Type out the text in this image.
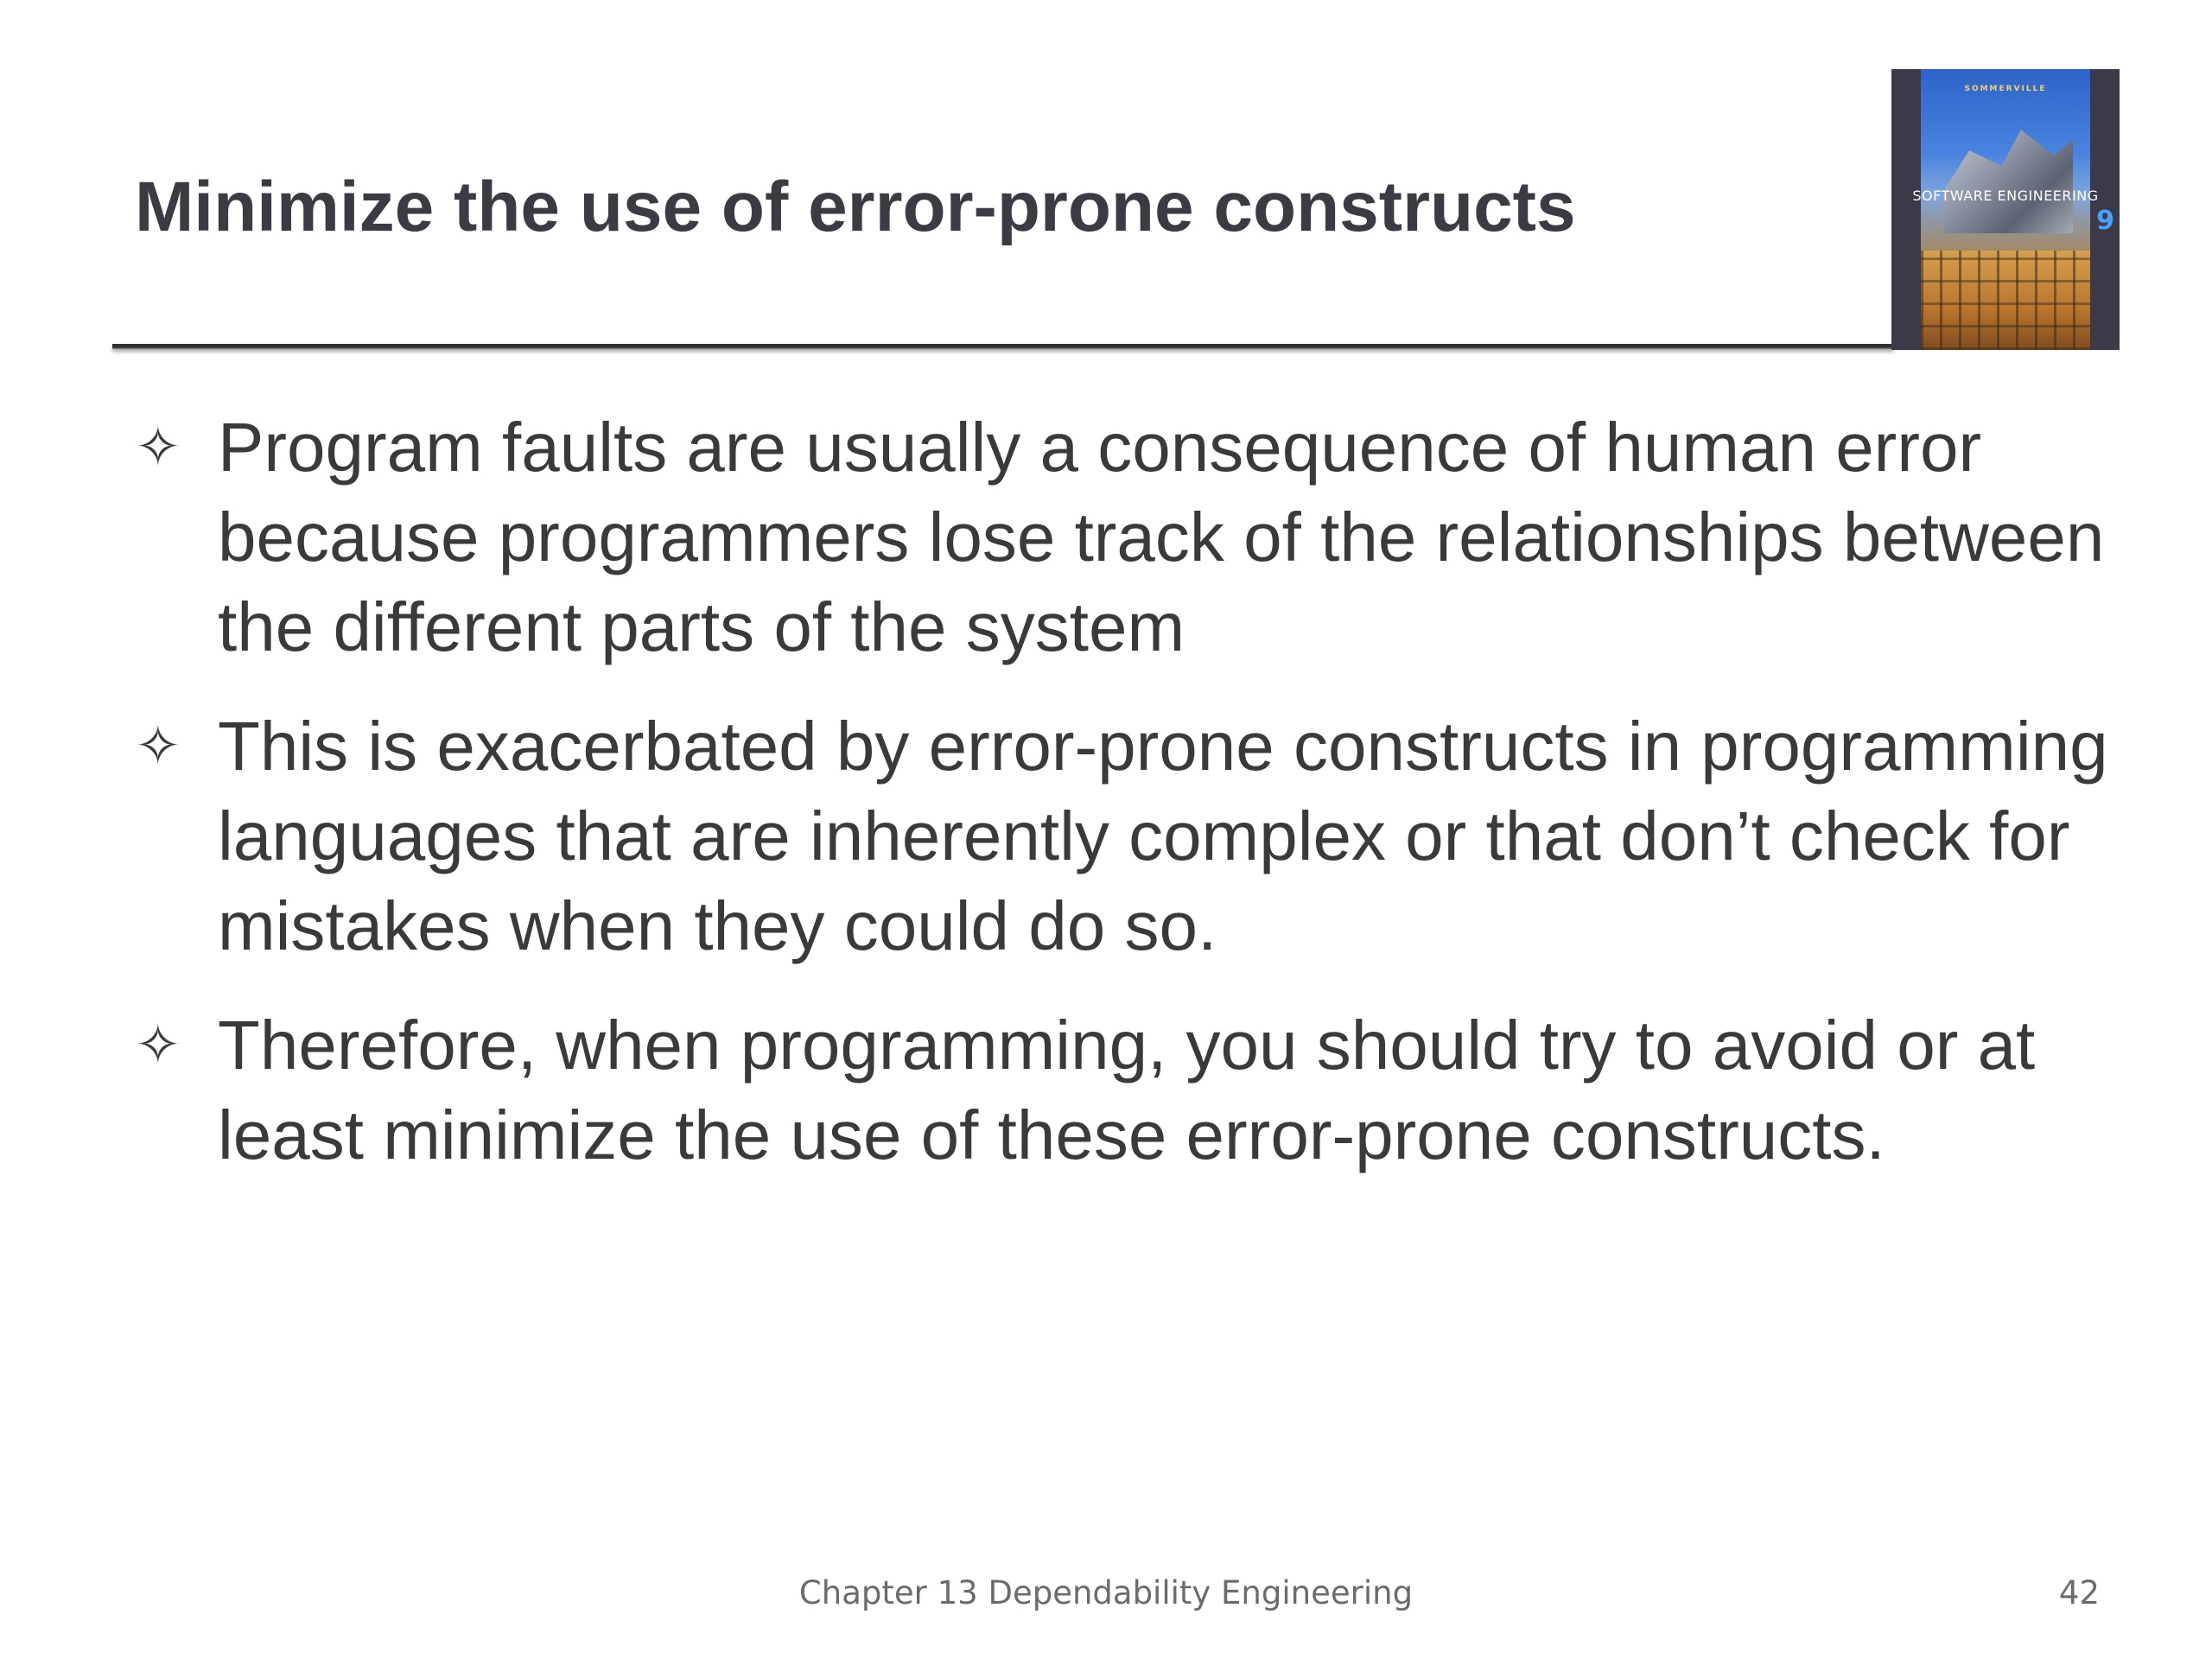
Minimize the use of error-prone constructs
SOMMERVILLE
SOFTWARE ENGINEERING
9
✧ Program faults are usually a consequence of human error because programmers lose track of the relationships between the different parts of the system
✧ This is exacerbated by error-prone constructs in programming languages that are inherently complex or that don’t check for mistakes when they could do so.
✧ Therefore, when programming, you should try to avoid or at least minimize the use of these error-prone constructs.
Chapter 13 Dependability Engineering	42
